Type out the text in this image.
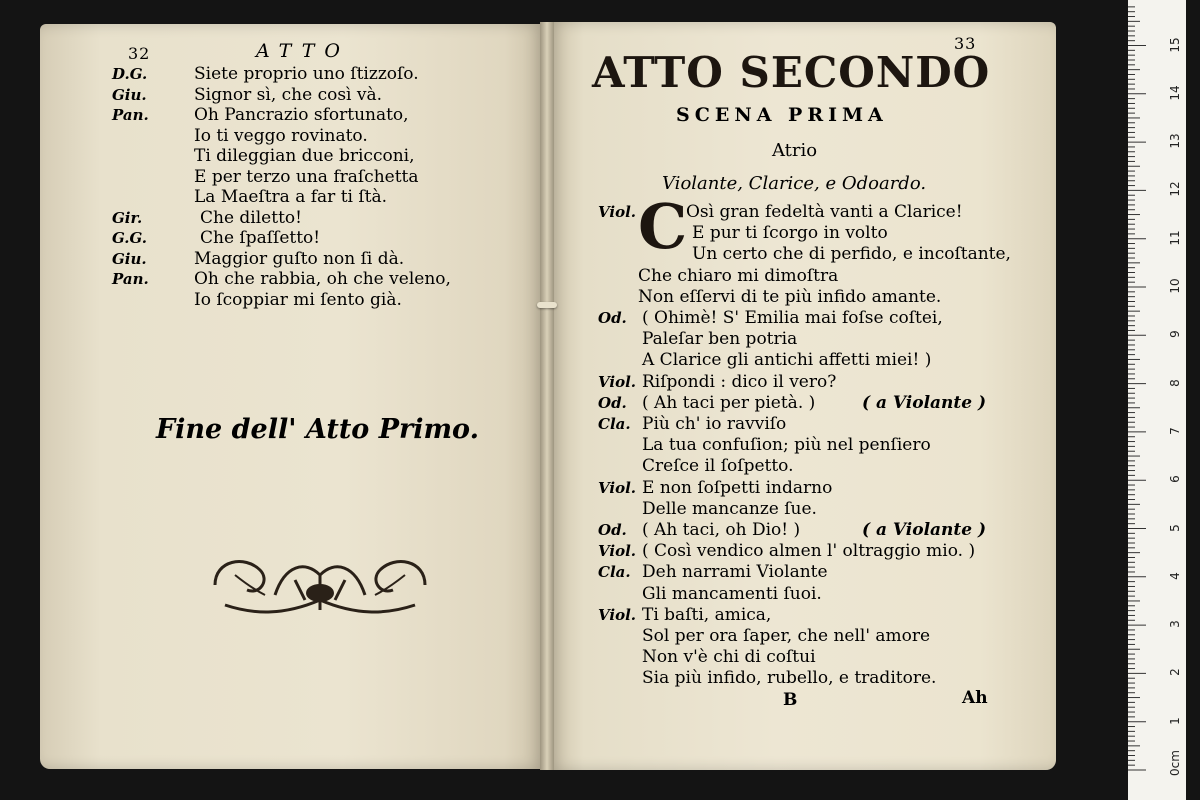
32	ATTO
Fine dell' Atto Primo.
33
ATTO SECONDO
SCENA PRIMA
Atrio
Violante, Clarice, e Odoardo.
C
B	Ah
1
2
3
4
5
6
7
8
9
10
11
12
13
14
15
0cm
D.G.	Siete proprio uno ſtizzoſo.
Giu.	Signor sì, che così và.
Pan.	Oh Pancrazio sfortunato,
Io ti veggo rovinato.
Ti dileggian due bricconi,
E per terzo una fraſchetta
La Maeſtra a far ti ſtà.
Gir.	Che diletto!
G.G.	Che ſpaſſetto!
Giu.	Maggior guſto non ſi dà.
Pan.	Oh che rabbia, oh che veleno,
Io ſcoppiar mi ſento già.
Viol.	Osì gran fedeltà vanti a Clarice!
E pur ti ſcorgo in volto
Un certo che di perfido, e incoſtante,
Che chiaro mi dimoſtra
Non eſſervi di te più infido amante.
Od. ( Ohimè! S' Emilia mai foſse coſtei,
Paleſar ben potria
A Clarice gli antichi affetti miei! )
Viol. Riſpondi : dico il vero?
Od. ( Ah taci per pietà. )	( a Violante )
Cla. Più ch' io ravviſo
La tua confuſion; più nel penſiero
Creſce il ſoſpetto.
Viol. E non ſoſpetti indarno
Delle mancanze ſue.
Od. ( Ah taci, oh Dio! )	( a Violante )
Viol. ( Così vendico almen l' oltraggio mio. )
Cla. Deh narrami Violante
Gli mancamenti ſuoi.
Viol. Ti baſti, amica,
Sol per ora ſaper, che nell' amore
Non v'è chi di coſtui
Sia più infido, rubello, e traditore.
